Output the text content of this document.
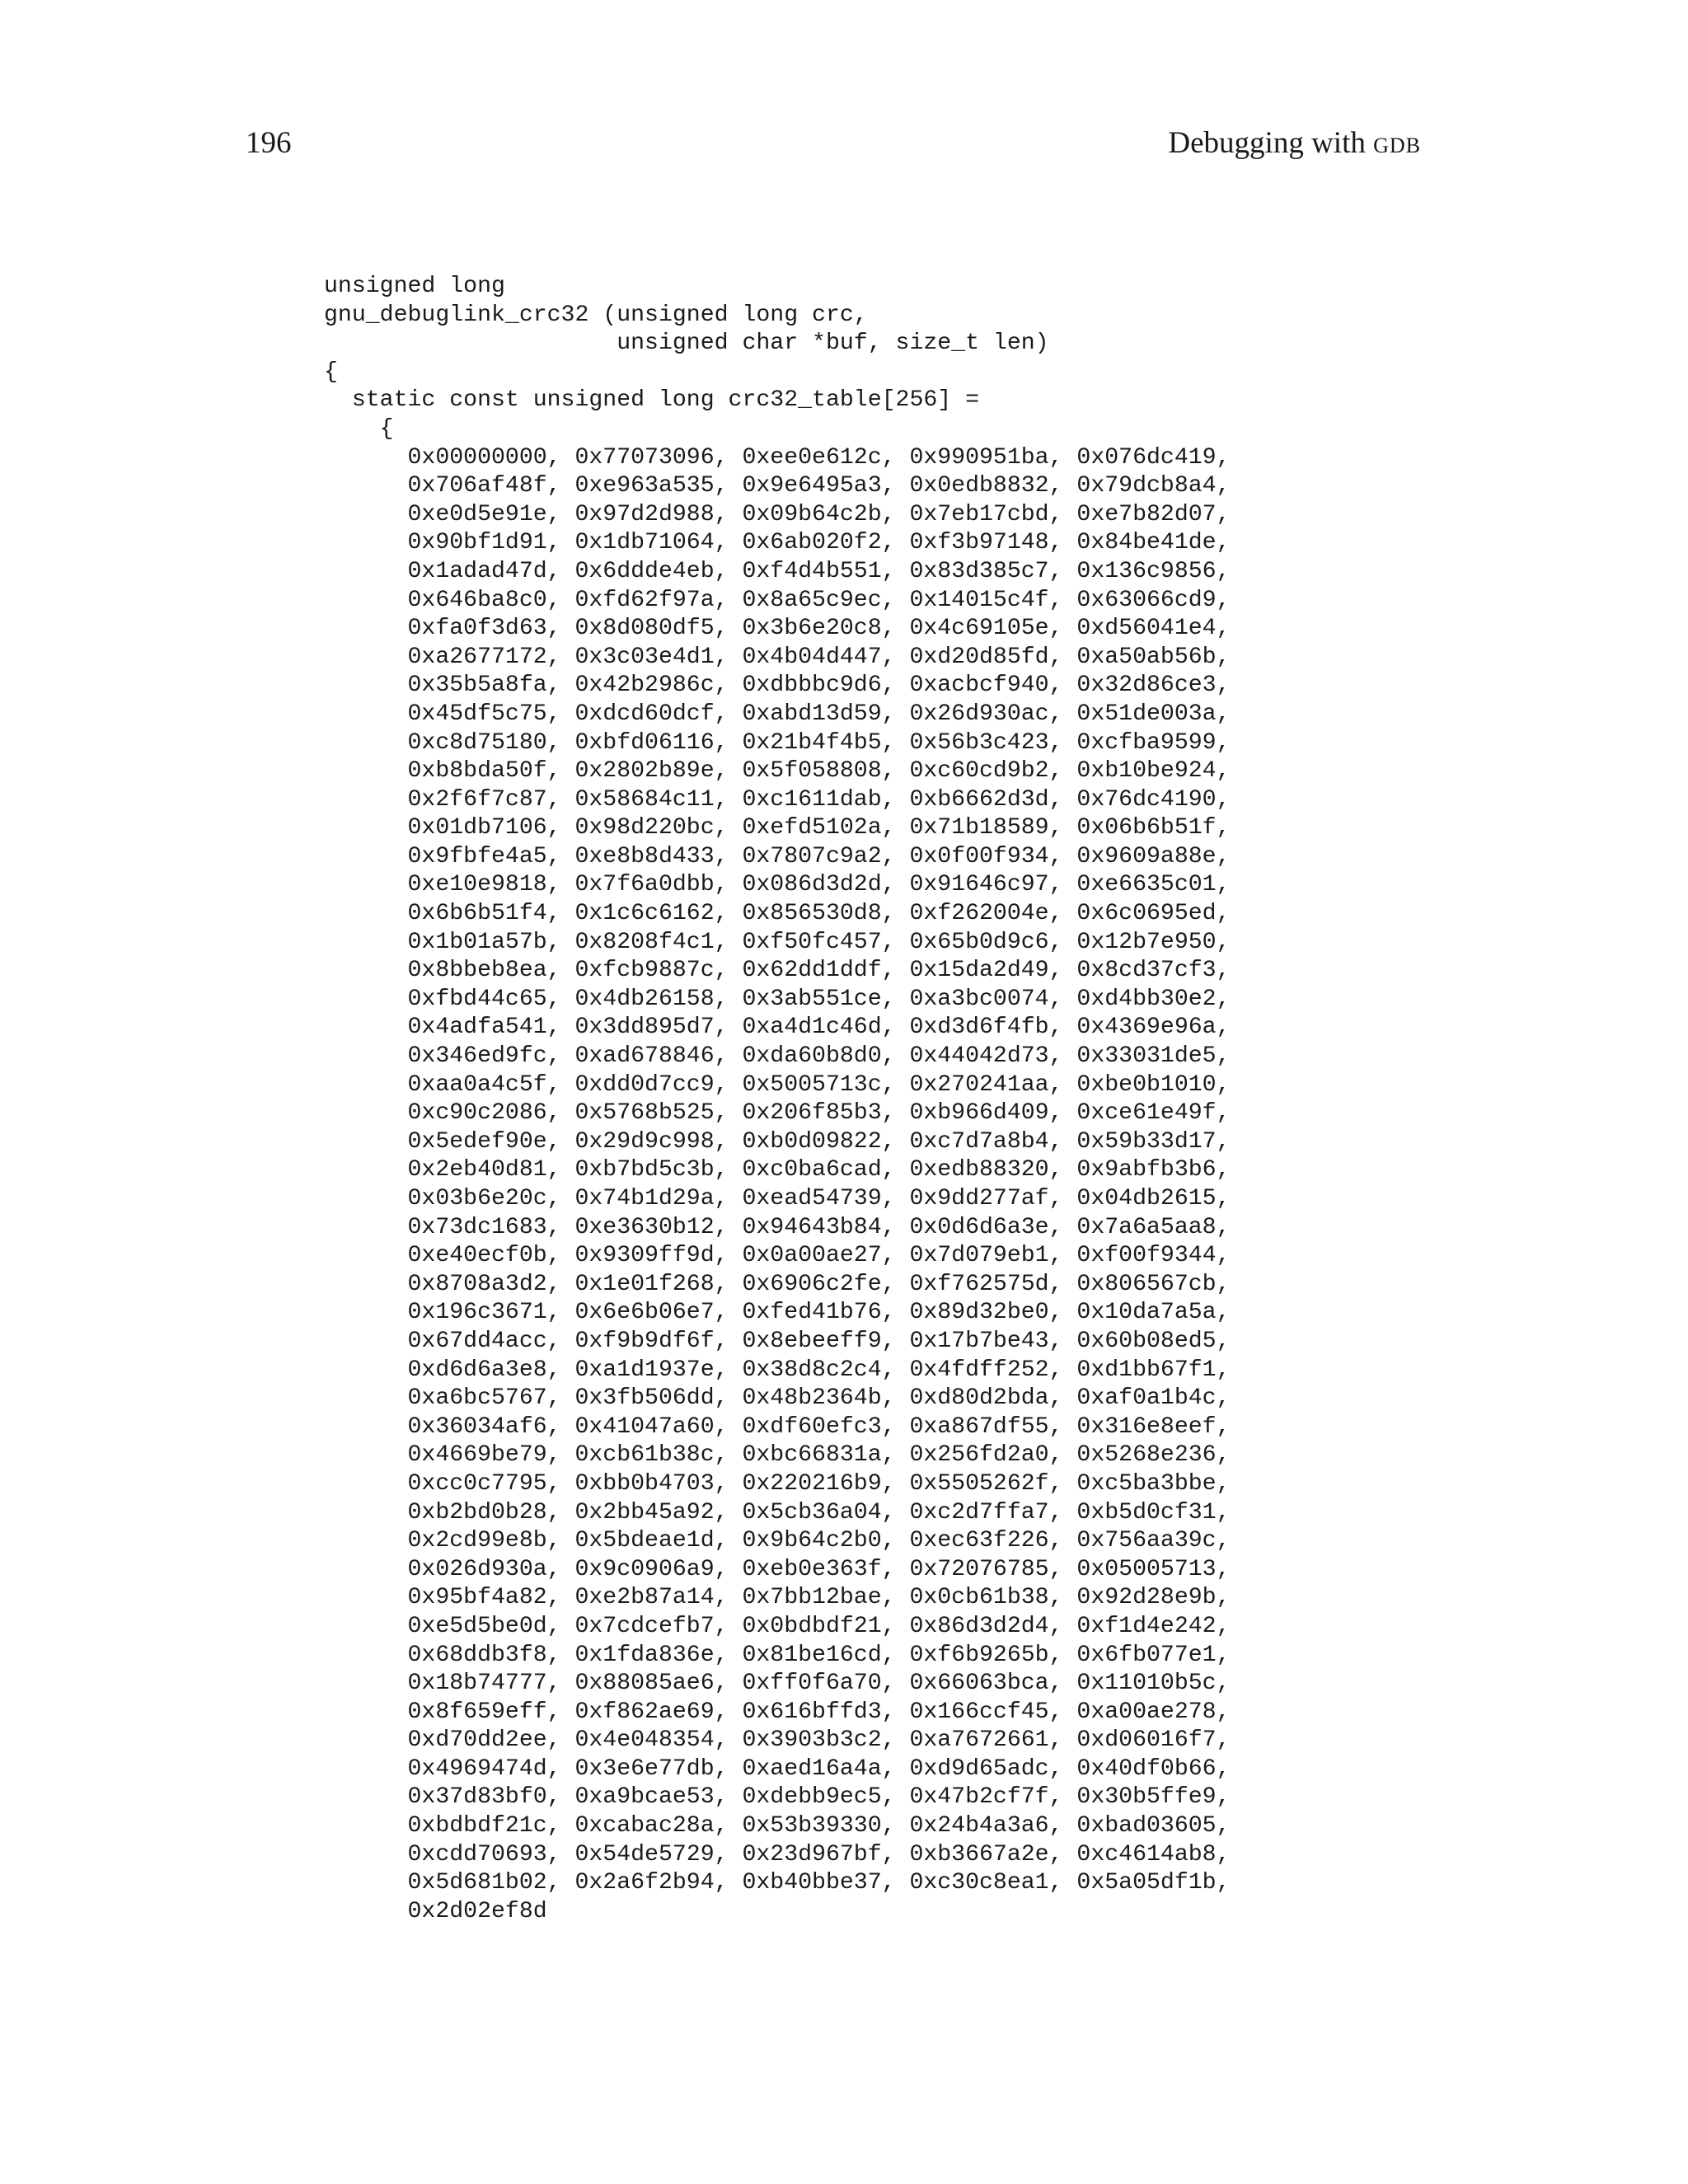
196	Debugging with gdb
unsigned long
gnu_debuglink_crc32 (unsigned long crc,
unsigned char *buf, size_t len)
{
static const unsigned long crc32_table[256] =
{
0x00000000, 0x77073096, 0xee0e612c, 0x990951ba, 0x076dc419,
0x706af48f, 0xe963a535, 0x9e6495a3, 0x0edb8832, 0x79dcb8a4,
0xe0d5e91e, 0x97d2d988, 0x09b64c2b, 0x7eb17cbd, 0xe7b82d07,
0x90bf1d91, 0x1db71064, 0x6ab020f2, 0xf3b97148, 0x84be41de,
0x1adad47d, 0x6ddde4eb, 0xf4d4b551, 0x83d385c7, 0x136c9856,
0x646ba8c0, 0xfd62f97a, 0x8a65c9ec, 0x14015c4f, 0x63066cd9,
0xfa0f3d63, 0x8d080df5, 0x3b6e20c8, 0x4c69105e, 0xd56041e4,
0xa2677172, 0x3c03e4d1, 0x4b04d447, 0xd20d85fd, 0xa50ab56b,
0x35b5a8fa, 0x42b2986c, 0xdbbbc9d6, 0xacbcf940, 0x32d86ce3,
0x45df5c75, 0xdcd60dcf, 0xabd13d59, 0x26d930ac, 0x51de003a,
0xc8d75180, 0xbfd06116, 0x21b4f4b5, 0x56b3c423, 0xcfba9599,
0xb8bda50f, 0x2802b89e, 0x5f058808, 0xc60cd9b2, 0xb10be924,
0x2f6f7c87, 0x58684c11, 0xc1611dab, 0xb6662d3d, 0x76dc4190,
0x01db7106, 0x98d220bc, 0xefd5102a, 0x71b18589, 0x06b6b51f,
0x9fbfe4a5, 0xe8b8d433, 0x7807c9a2, 0x0f00f934, 0x9609a88e,
0xe10e9818, 0x7f6a0dbb, 0x086d3d2d, 0x91646c97, 0xe6635c01,
0x6b6b51f4, 0x1c6c6162, 0x856530d8, 0xf262004e, 0x6c0695ed,
0x1b01a57b, 0x8208f4c1, 0xf50fc457, 0x65b0d9c6, 0x12b7e950,
0x8bbeb8ea, 0xfcb9887c, 0x62dd1ddf, 0x15da2d49, 0x8cd37cf3,
0xfbd44c65, 0x4db26158, 0x3ab551ce, 0xa3bc0074, 0xd4bb30e2,
0x4adfa541, 0x3dd895d7, 0xa4d1c46d, 0xd3d6f4fb, 0x4369e96a,
0x346ed9fc, 0xad678846, 0xda60b8d0, 0x44042d73, 0x33031de5,
0xaa0a4c5f, 0xdd0d7cc9, 0x5005713c, 0x270241aa, 0xbe0b1010,
0xc90c2086, 0x5768b525, 0x206f85b3, 0xb966d409, 0xce61e49f,
0x5edef90e, 0x29d9c998, 0xb0d09822, 0xc7d7a8b4, 0x59b33d17,
0x2eb40d81, 0xb7bd5c3b, 0xc0ba6cad, 0xedb88320, 0x9abfb3b6,
0x03b6e20c, 0x74b1d29a, 0xead54739, 0x9dd277af, 0x04db2615,
0x73dc1683, 0xe3630b12, 0x94643b84, 0x0d6d6a3e, 0x7a6a5aa8,
0xe40ecf0b, 0x9309ff9d, 0x0a00ae27, 0x7d079eb1, 0xf00f9344,
0x8708a3d2, 0x1e01f268, 0x6906c2fe, 0xf762575d, 0x806567cb,
0x196c3671, 0x6e6b06e7, 0xfed41b76, 0x89d32be0, 0x10da7a5a,
0x67dd4acc, 0xf9b9df6f, 0x8ebeeff9, 0x17b7be43, 0x60b08ed5,
0xd6d6a3e8, 0xa1d1937e, 0x38d8c2c4, 0x4fdff252, 0xd1bb67f1,
0xa6bc5767, 0x3fb506dd, 0x48b2364b, 0xd80d2bda, 0xaf0a1b4c,
0x36034af6, 0x41047a60, 0xdf60efc3, 0xa867df55, 0x316e8eef,
0x4669be79, 0xcb61b38c, 0xbc66831a, 0x256fd2a0, 0x5268e236,
0xcc0c7795, 0xbb0b4703, 0x220216b9, 0x5505262f, 0xc5ba3bbe,
0xb2bd0b28, 0x2bb45a92, 0x5cb36a04, 0xc2d7ffa7, 0xb5d0cf31,
0x2cd99e8b, 0x5bdeae1d, 0x9b64c2b0, 0xec63f226, 0x756aa39c,
0x026d930a, 0x9c0906a9, 0xeb0e363f, 0x72076785, 0x05005713,
0x95bf4a82, 0xe2b87a14, 0x7bb12bae, 0x0cb61b38, 0x92d28e9b,
0xe5d5be0d, 0x7cdcefb7, 0x0bdbdf21, 0x86d3d2d4, 0xf1d4e242,
0x68ddb3f8, 0x1fda836e, 0x81be16cd, 0xf6b9265b, 0x6fb077e1,
0x18b74777, 0x88085ae6, 0xff0f6a70, 0x66063bca, 0x11010b5c,
0x8f659eff, 0xf862ae69, 0x616bffd3, 0x166ccf45, 0xa00ae278,
0xd70dd2ee, 0x4e048354, 0x3903b3c2, 0xa7672661, 0xd06016f7,
0x4969474d, 0x3e6e77db, 0xaed16a4a, 0xd9d65adc, 0x40df0b66,
0x37d83bf0, 0xa9bcae53, 0xdebb9ec5, 0x47b2cf7f, 0x30b5ffe9,
0xbdbdf21c, 0xcabac28a, 0x53b39330, 0x24b4a3a6, 0xbad03605,
0xcdd70693, 0x54de5729, 0x23d967bf, 0xb3667a2e, 0xc4614ab8,
0x5d681b02, 0x2a6f2b94, 0xb40bbe37, 0xc30c8ea1, 0x5a05df1b,
0x2d02ef8d
